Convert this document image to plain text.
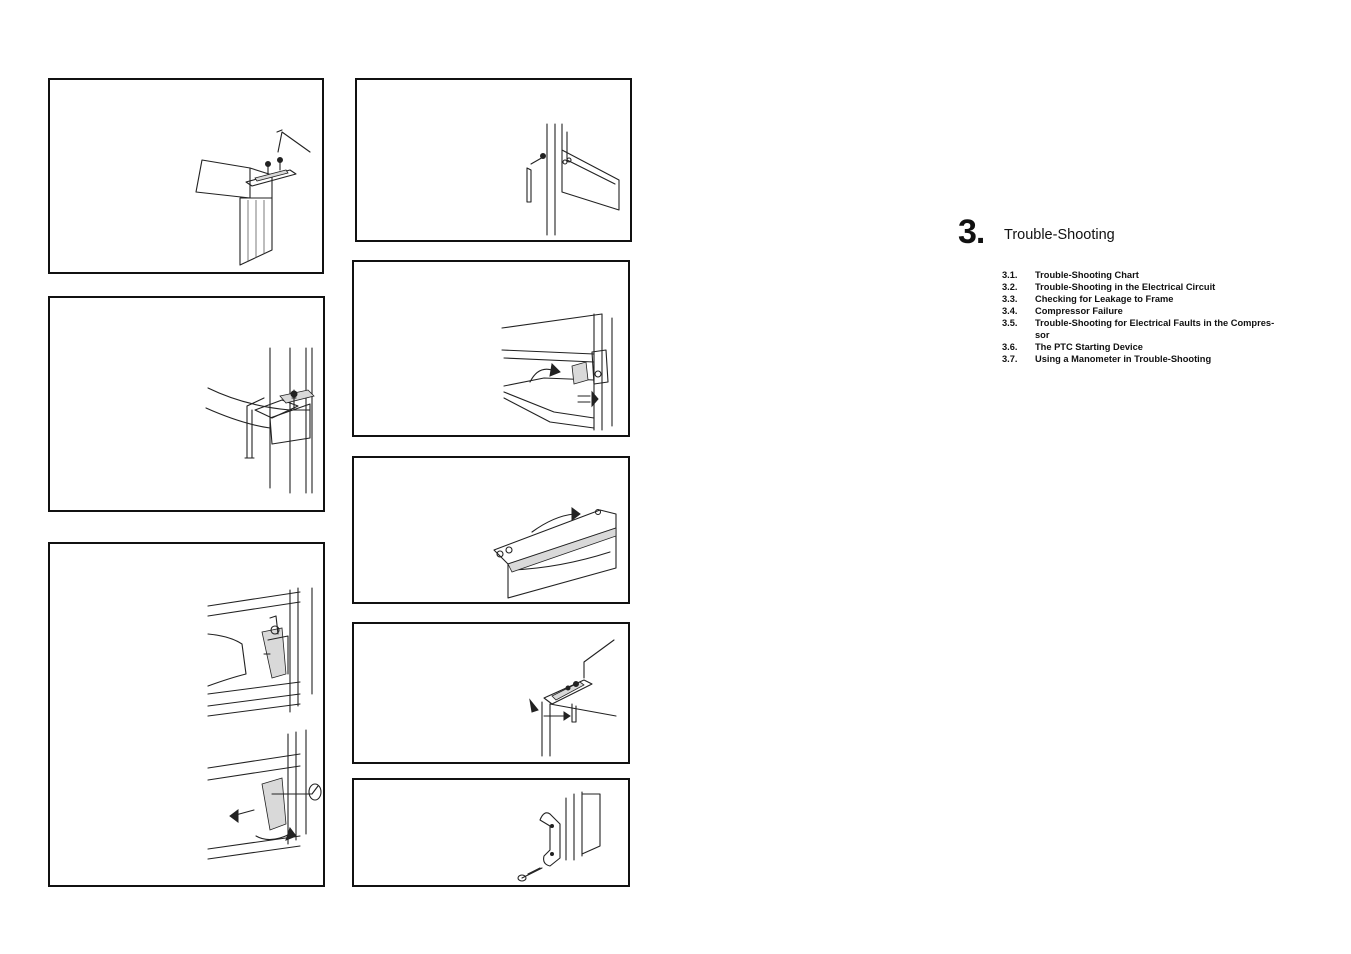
3. Trouble-Shooting
3.1.	Trouble-Shooting Chart
3.2.	Trouble-Shooting in the Electrical Circuit
3.3.	Checking for Leakage to Frame
3.4.	Compressor Failure
3.5.	Trouble-Shooting for Electrical Faults in the Compres-sor
3.6.	The PTC Starting Device
3.7.	Using a Manometer in Trouble-Shooting
